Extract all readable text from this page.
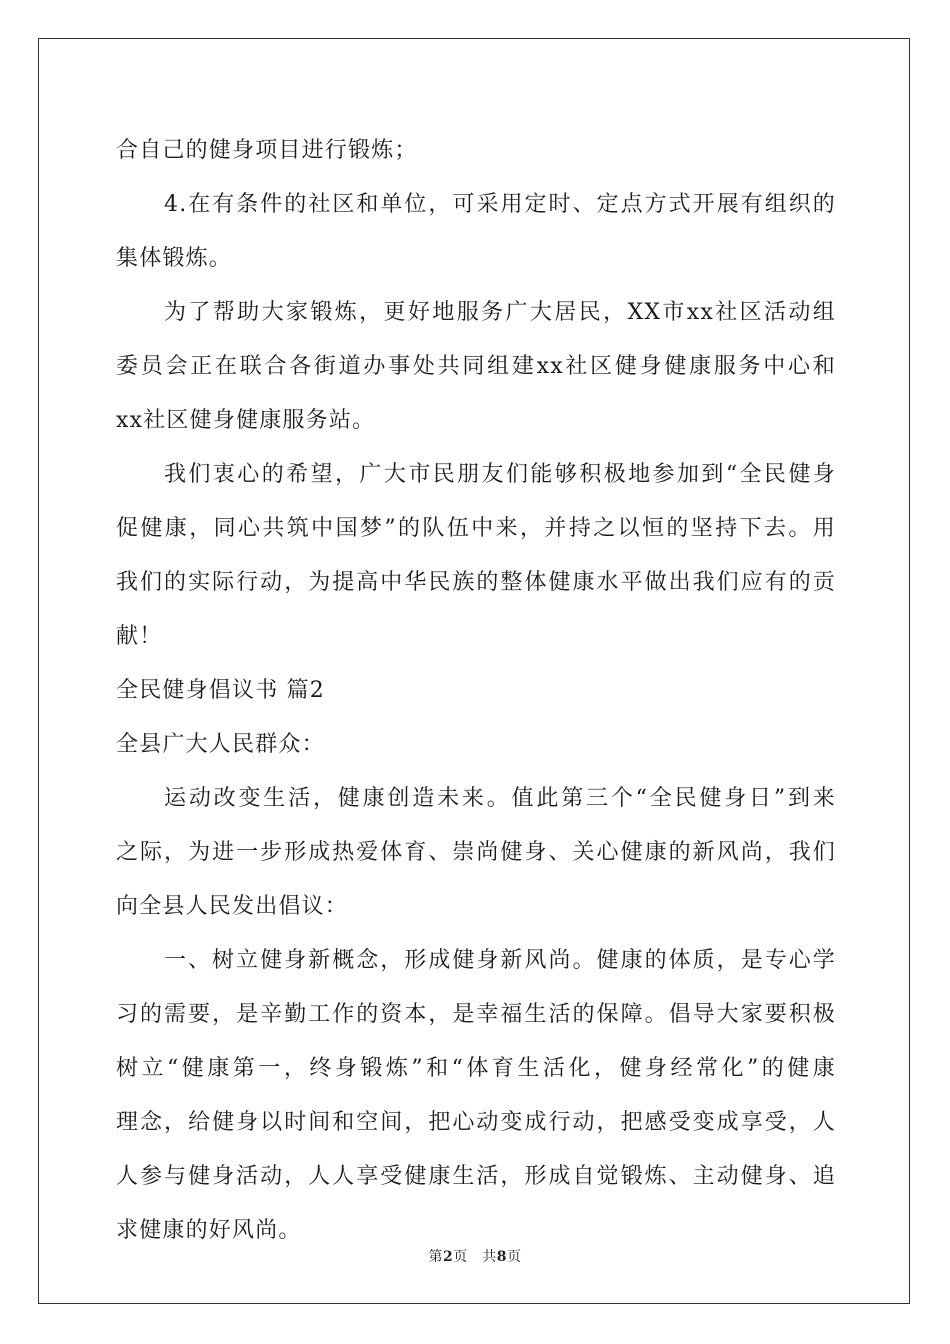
合自己的健身项目进行锻炼；
4.在有条件的社区和单位，可采用定时、定点方式开展有组织的
集体锻炼。
为了帮助大家锻炼，更好地服务广大居民，XX市xx社区活动组
委员会正在联合各街道办事处共同组建xx社区健身健康服务中心和
xx社区健身健康服务站。
我们衷心的希望，广大市民朋友们能够积极地参加到“全民健身
促健康，同心共筑中国梦”的队伍中来，并持之以恒的坚持下去。用
我们的实际行动，为提高中华民族的整体健康水平做出我们应有的贡
献！
全民健身倡议书 篇2
全县广大人民群众：
运动改变生活，健康创造未来。值此第三个“全民健身日”到来
之际，为进一步形成热爱体育、崇尚健身、关心健康的新风尚，我们
向全县人民发出倡议：
一、树立健身新概念，形成健身新风尚。健康的体质，是专心学
习的需要，是辛勤工作的资本，是幸福生活的保障。倡导大家要积极
树立“健康第一，终身锻炼”和“体育生活化，健身经常化”的健康
理念，给健身以时间和空间，把心动变成行动，把感受变成享受，人
人参与健身活动，人人享受健康生活，形成自觉锻炼、主动健身、追
求健康的好风尚。
第2页　共8页
